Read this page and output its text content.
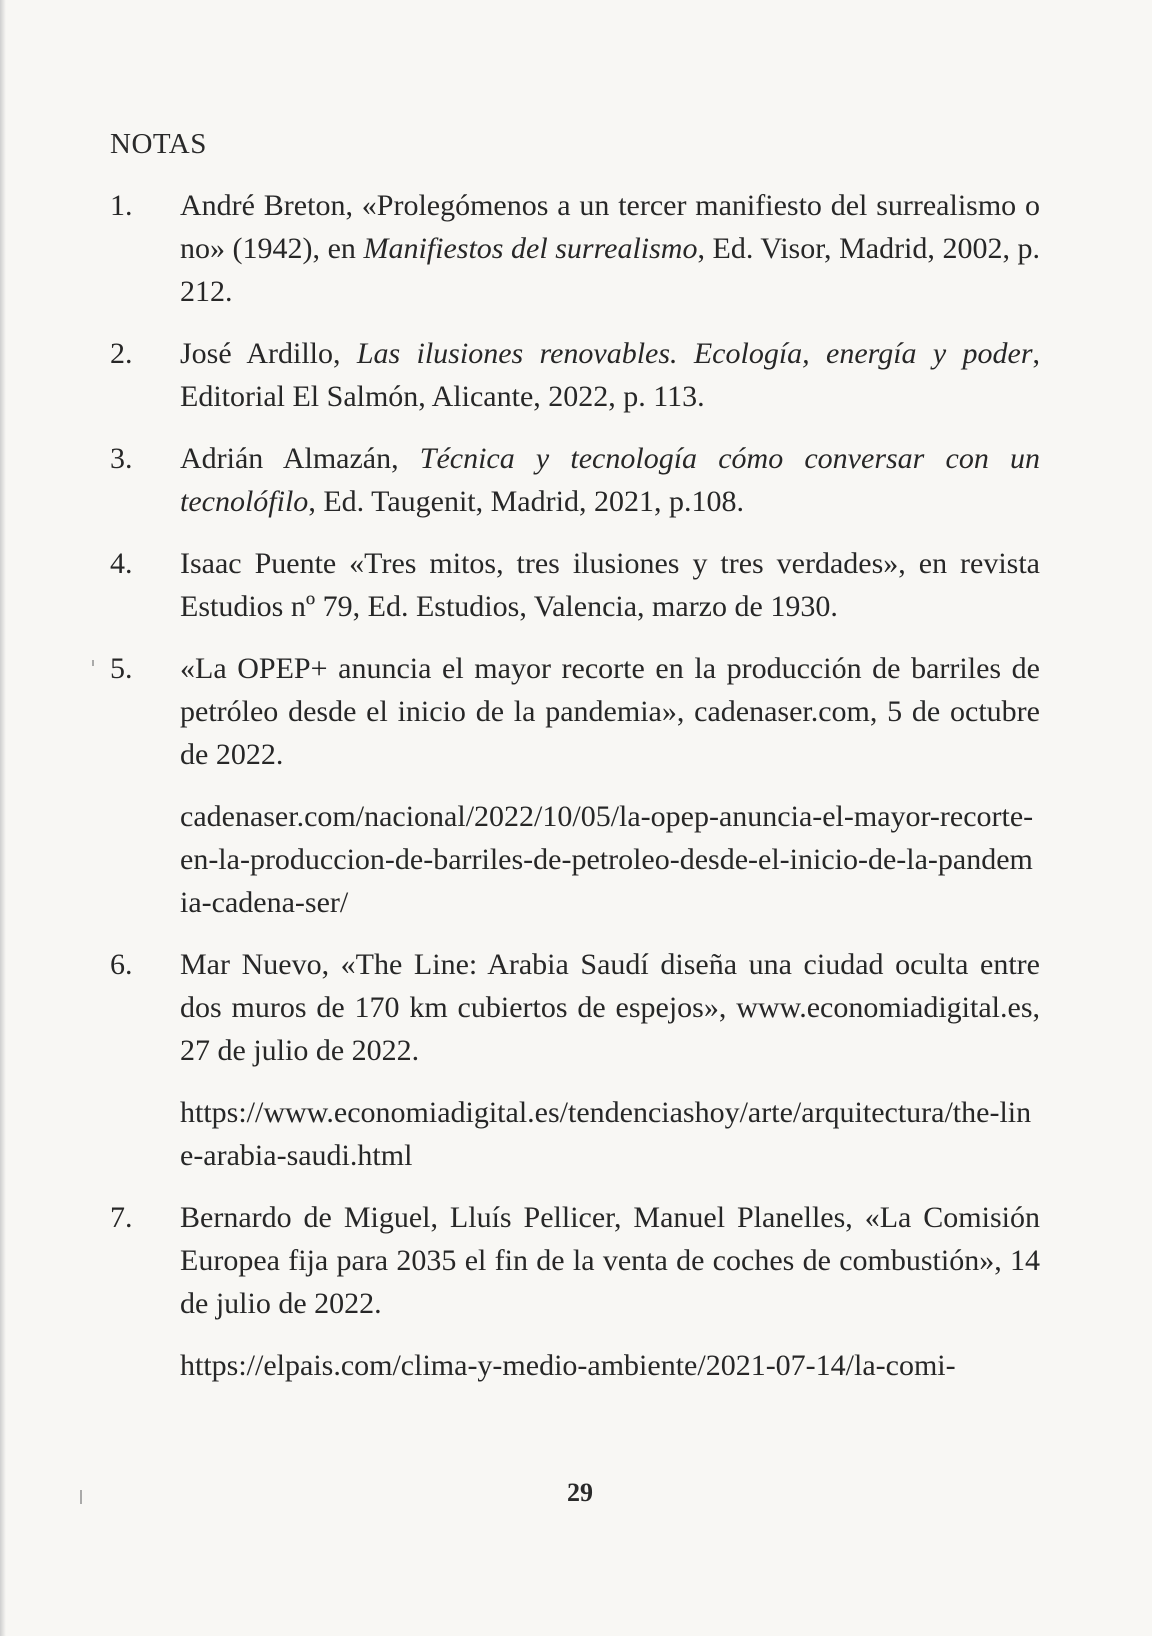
NOTAS
1.	André Breton, «Prolegómenos a un tercer manifiesto del surrealismo o no» (1942), en Manifiestos del surrealismo, Ed. Visor, Madrid, 2002, p. 212.
2.	José Ardillo, Las ilusiones renovables. Ecología, energía y poder, Editorial El Salmón, Alicante, 2022, p. 113.
3.	Adrián Almazán, Técnica y tecnología cómo conversar con un tecnolófilo, Ed. Taugenit, Madrid, 2021, p.108.
4.	Isaac Puente «Tres mitos, tres ilusiones y tres verdades», en revista Estudios nº 79, Ed. Estudios, Valencia, marzo de 1930.
5.	«La OPEP+ anuncia el mayor recorte en la producción de barriles de petróleo desde el inicio de la pandemia», cadenaser.com, 5 de octubre de 2022.
cadenaser.com/nacional/2022/10/05/la-opep-anuncia-el-mayor-recorte-en-la-produccion-de-barriles-de-petroleo-desde-el-inicio-de-la-pandemia-cadena-ser/
6.	Mar Nuevo, «The Line: Arabia Saudí diseña una ciudad oculta entre dos muros de 170 km cubiertos de espejos», www.economiadigital.es, 27 de julio de 2022.
https://www.economiadigital.es/tendenciashoy/arte/arquitectura/the-line-arabia-saudi.html
7.	Bernardo de Miguel, Lluís Pellicer, Manuel Planelles, «La Comisión Europea fija para 2035 el fin de la venta de coches de combustión», 14 de julio de 2022.
https://elpais.com/clima-y-medio-ambiente/2021-07-14/la-comi-
29
